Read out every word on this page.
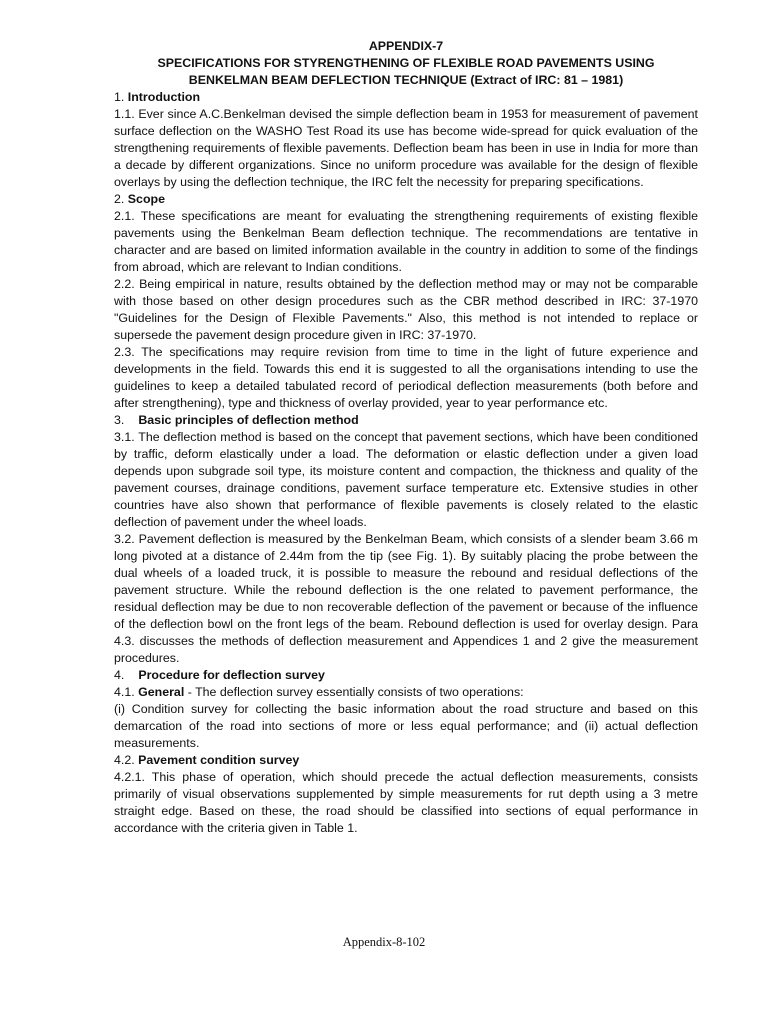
APPENDIX-7
SPECIFICATIONS FOR STYRENGTHENING OF FLEXIBLE ROAD PAVEMENTS USING
BENKELMAN BEAM DEFLECTION TECHNIQUE (Extract of IRC: 81 – 1981)
1. Introduction

1.1. Ever since A.C.Benkelman devised the simple deflection beam in 1953 for measurement of pavement surface deflection on the WASHO Test Road its use has become wide-spread for quick evaluation of the strengthening requirements of flexible pavements. Deflection beam has been in use in India for more than a decade by different organizations. Since no uniform procedure was available for the design of flexible overlays by using the deflection technique, the IRC felt the necessity for preparing specifications.

2. Scope

2.1. These specifications are meant for evaluating the strengthening requirements of existing flexible pavements using the Benkelman Beam deflection technique. The recommendations are tentative in character and are based on limited information available in the country in addition to some of the findings from abroad, which are relevant to Indian conditions.

2.2. Being empirical in nature, results obtained by the deflection method may or may not be comparable with those based on other design procedures such as the CBR method described in IRC: 37-1970 "Guidelines for the Design of Flexible Pavements." Also, this method is not intended to replace or supersede the pavement design procedure given in IRC: 37-1970.

2.3. The specifications may require revision from time to time in the light of future experience and developments in the field. Towards this end it is suggested to all the organisations intending to use the guidelines to keep a detailed tabulated record of periodical deflection measurements (both before and after strengthening), type and thickness of overlay provided, year to year performance etc.

3. Basic principles of deflection method

3.1. The deflection method is based on the concept that pavement sections, which have been conditioned by traffic, deform elastically under a load. The deformation or elastic deflection under a given load depends upon subgrade soil type, its moisture content and compaction, the thickness and quality of the pavement courses, drainage conditions, pavement surface temperature etc. Extensive studies in other countries have also shown that performance of flexible pavements is closely related to the elastic deflection of pavement under the wheel loads.

3.2. Pavement deflection is measured by the Benkelman Beam, which consists of a slender beam 3.66 m long pivoted at a distance of 2.44m from the tip (see Fig. 1). By suitably placing the probe between the dual wheels of a loaded truck, it is possible to measure the rebound and residual deflections of the pavement structure. While the rebound deflection is the one related to pavement performance, the residual deflection may be due to non recoverable deflection of the pavement or because of the influence of the deflection bowl on the front legs of the beam. Rebound deflection is used for overlay design. Para 4.3. discusses the methods of deflection measurement and Appendices 1 and 2 give the measurement procedures.

4. Procedure for deflection survey

4.1. General - The deflection survey essentially consists of two operations:

(i) Condition survey for collecting the basic information about the road structure and based on this demarcation of the road into sections of more or less equal performance; and (ii) actual deflection measurements.

4.2. Pavement condition survey

4.2.1. This phase of operation, which should precede the actual deflection measurements, consists primarily of visual observations supplemented by simple measurements for rut depth using a 3 metre straight edge. Based on these, the road should be classified into sections of equal performance in accordance with the criteria given in Table 1.

Appendix-8-102
